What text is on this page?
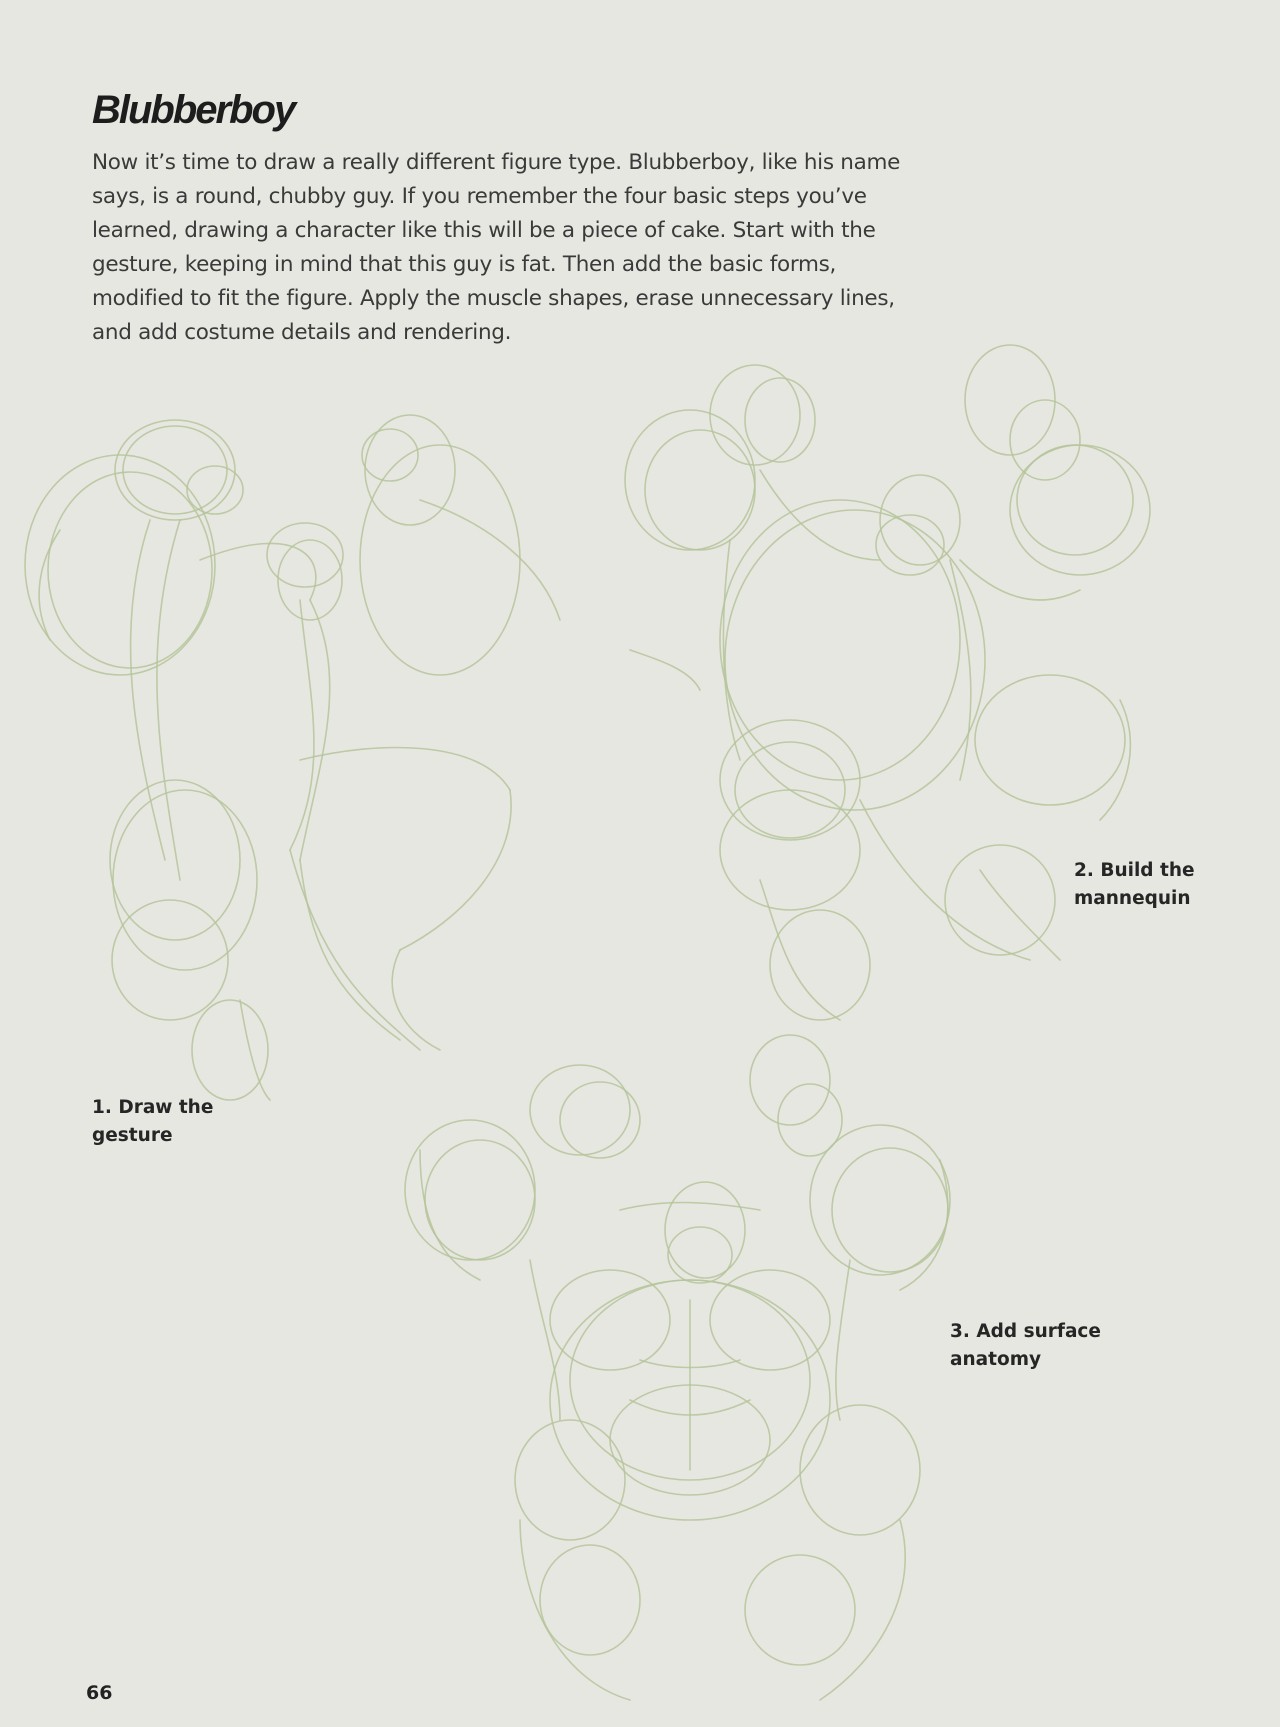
Blubberboy

Now it’s time to draw a really different figure type. Blubberboy, like his name says, is a round, chubby guy. If you remember the four basic steps you’ve learned, drawing a character like this will be a piece of cake. Start with the gesture, keeping in mind that this guy is fat. Then add the basic forms, modified to fit the figure. Apply the muscle shapes, erase unnecessary lines, and add costume details and rendering.

1. Draw the
gesture

2. Build the
mannequin

3. Add surface
anatomy

66
